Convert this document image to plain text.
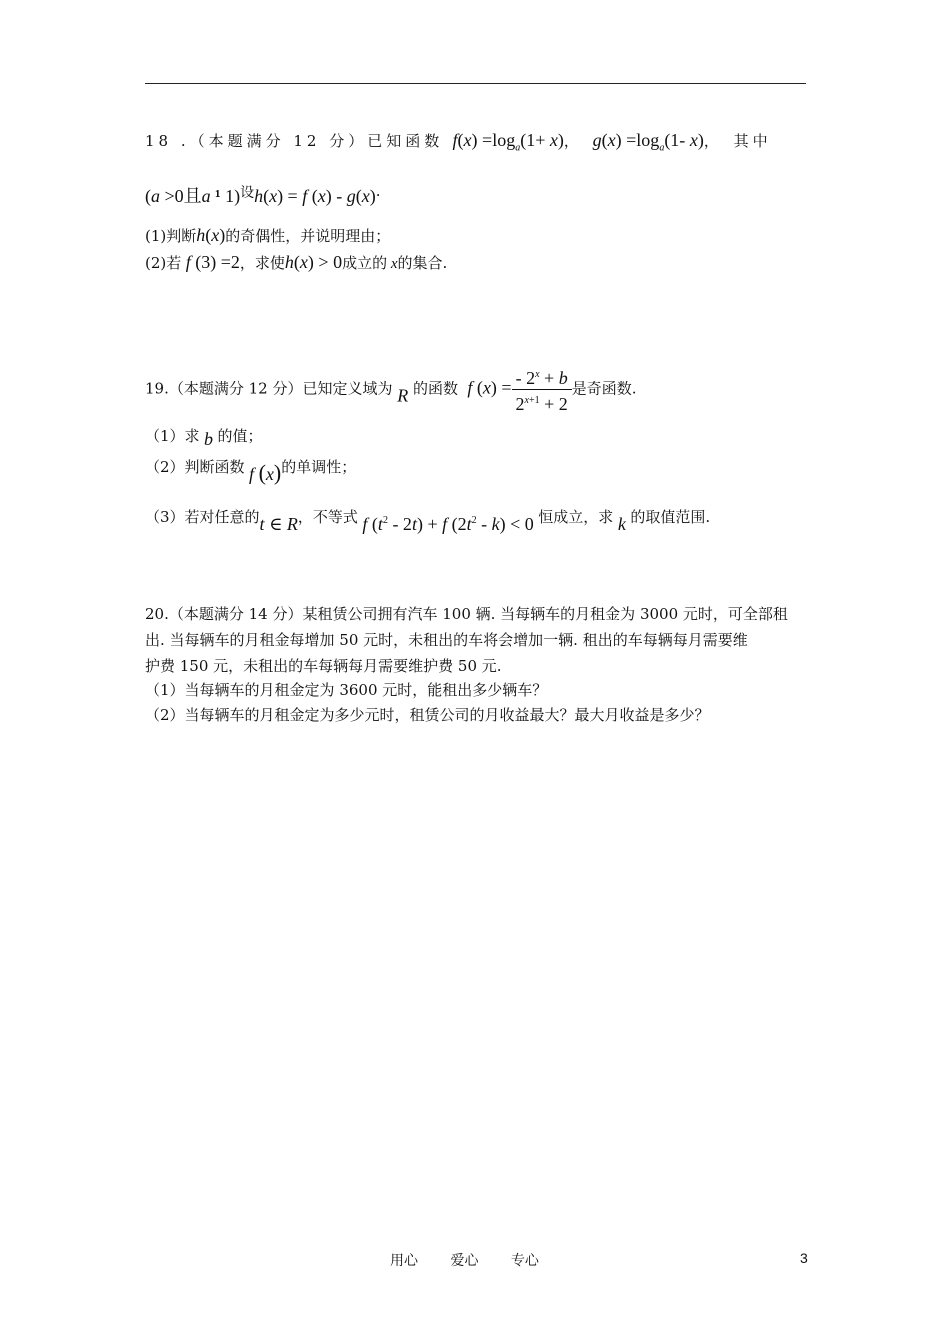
18 .（本题满分 12 分）已知函数 $f(x) =\log_a(1+ x)$， $g(x) =\log_a(1-$ x)， 其中
(a >0且a ¹ 1)设h(x) = f (x) - g(x).
(1)判断h(x)的奇偶性，并说明理由；
(2)若 f (3) =2，求使h(x) > 0成立的 x的集合.
19.（本题满分 12 分）已知定义域为 R 的函数 f $(x) = \frac{- 2^x + b}{2^{x+1} + 2}$ 是奇函数.
（1）求 b 的值；
（2）判断函数 f (x)的单调性；
（3）若对任意的t ∈ R，不等式 f $(t^2 - 2t) + f$ $(2t^2 - k) < 0$ 恒成立，求 k 的取值范围.
20.（本题满分 14 分）某租赁公司拥有汽车 100 辆. 当每辆车的月租金为 3000 元时，可全部租
出. 当每辆车的月租金每增加 50 元时，未租出的车将会增加一辆. 租出的车每辆每月需要维
护费 150 元，未租出的车每辆每月需要维护费 50 元.
（1）当每辆车的月租金定为 3600 元时，能租出多少辆车？
（2）当每辆车的月租金定为多少元时，租赁公司的月收益最大？最大月收益是多少？
用心 爱心 专心	3
